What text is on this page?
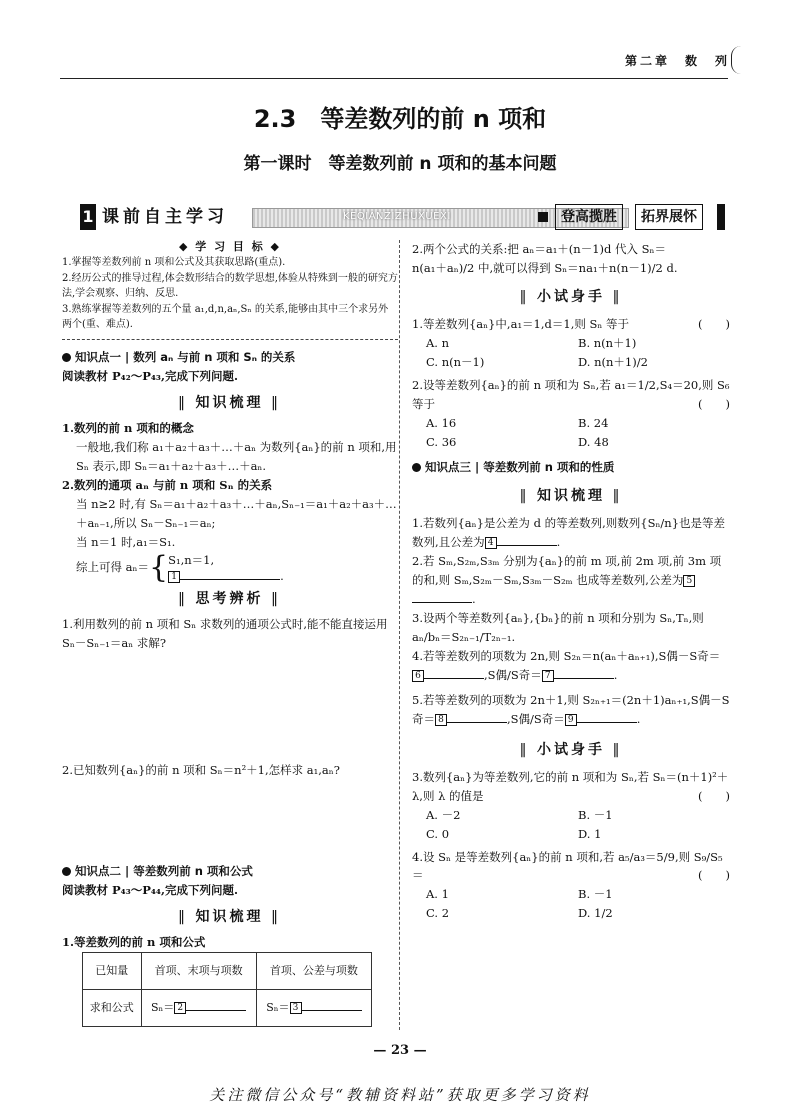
第二章　数　列
2.3　等差数列的前 n 项和
第一课时　等差数列前 n 项和的基本问题
1 课前自主学习	KEQIANZIZHUXUEXI	登高揽胜	拓界展怀
◆ 学 习 目 标 ◆

1.掌握等差数列前 n 项和公式及其获取思路(重点).

2.经历公式的推导过程,体会数形结合的数学思想,体验从特殊到一般的研究方法,学会观察、归纳、反思.

3.熟练掌握等差数列的五个量 a₁,d,n,aₙ,Sₙ 的关系,能够由其中三个求另外两个(重、难点).

知识点一 | 数列 aₙ 与前 n 项和 Sₙ 的关系

阅读教材 P₄₂～P₄₃,完成下列问题.

‖ 知识梳理 ‖

1.数列的前 n 项和的概念

一般地,我们称 a₁＋a₂＋a₃＋…＋aₙ 为数列{aₙ}的前 n 项和,用 Sₙ 表示,即 Sₙ＝a₁＋a₂＋a₃＋…＋aₙ.

2.数列的通项 aₙ 与前 n 项和 Sₙ 的关系

当 n≥2 时,有 Sₙ＝a₁＋a₂＋a₃＋…＋aₙ,Sₙ₋₁＝a₁＋a₂＋a₃＋…＋aₙ₋₁,所以 Sₙ－Sₙ₋₁＝aₙ;

当 n＝1 时,a₁＝S₁.

综上可得 aₙ＝ { S₁,n＝1,
1	.
‖ 思考辨析 ‖

1.利用数列的前 n 项和 Sₙ 求数列的通项公式时,能不能直接运用 Sₙ－Sₙ₋₁＝aₙ 求解?

2.已知数列{aₙ}的前 n 项和 Sₙ＝n²＋1,怎样求 a₁,aₙ?

知识点二 | 等差数列前 n 项和公式

阅读教材 P₄₃～P₄₄,完成下列问题.

‖ 知识梳理 ‖

1.等差数列的前 n 项和公式

已知量	首项、末项与项数	首项、公差与项数
求和公式	Sₙ＝ 2	Sₙ＝ 3

2.两个公式的关系:把 aₙ＝a₁＋(n－1)d 代入 Sₙ＝

n(a₁＋aₙ)/2 中,就可以得到 Sₙ＝na₁＋n(n－1)/2 d.

‖ 小试身手 ‖

1.等差数列{aₙ}中,a₁＝1,d＝1,则 Sₙ 等于	(　　)

A. n	B. n(n＋1)
C. n(n－1)	D. n(n＋1)/2

2.设等差数列{aₙ}的前 n 项和为 Sₙ,若 a₁＝1/2,S₄＝20,则 S₆ 等于	(　　)

A. 16	B. 24
C. 36	D. 48
知识点三 | 等差数列前 n 项和的性质
‖ 知识梳理 ‖

1.若数列{aₙ}是公差为 d 的等差数列,则数列{Sₙ/n}也是等差数列,且公差为 4	.

2.若 Sₘ,S₂ₘ,S₃ₘ 分别为{aₙ}的前 m 项,前 2m 项,前 3m 项的和,则 Sₘ,S₂ₘ－Sₘ,S₃ₘ－S₂ₘ 也成等差数列,公差为 5.

3.设两个等差数列{aₙ},{bₙ}的前 n 项和分别为 Sₙ,Tₙ,则 aₙ/bₙ＝S₂ₙ₋₁/T₂ₙ₋₁.

4.若等差数列的项数为 2n,则 S₂ₙ＝n(aₙ＋aₙ₊₁),S偶－S奇＝6	,S偶/S奇＝ 7	.

5.若等差数列的项数为 2n＋1,则 S₂ₙ₊₁＝(2n＋1)aₙ₊₁,S偶－S奇＝ 8	,S偶/S奇＝ 9	.

‖ 小试身手 ‖

3.数列{aₙ}为等差数列,它的前 n 项和为 Sₙ,若 Sₙ＝(n＋1)²＋λ,则 λ 的值是	(　　)

A. －2	B. －1
C. 0	D. 1

4.设 Sₙ 是等差数列{aₙ}的前 n 项和,若 a₅/a₃＝5/9,则 S₉/S₅＝	(　　)

A. 1	B. －1
C. 2	D. 1/2
— 23 —
关注微信公众号“教辅资料站”获取更多学习资料
